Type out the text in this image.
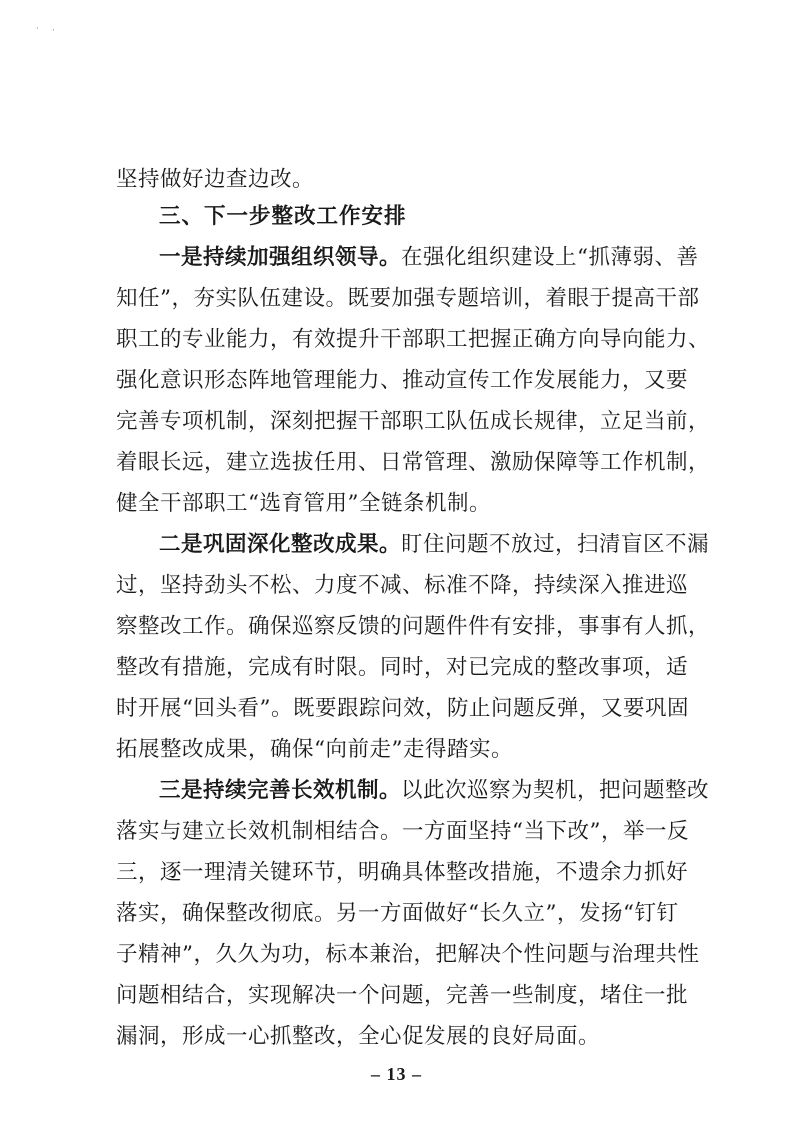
· ·
坚持做好边查边改。
三、下一步整改工作安排
一是持续加强组织领导。在强化组织建设上“抓薄弱、善
知任”，夯实队伍建设。既要加强专题培训，着眼于提高干部
职工的专业能力，有效提升干部职工把握正确方向导向能力、
强化意识形态阵地管理能力、推动宣传工作发展能力，又要
完善专项机制，深刻把握干部职工队伍成长规律，立足当前，
着眼长远，建立选拔任用、日常管理、激励保障等工作机制，
健全干部职工“选育管用”全链条机制。
二是巩固深化整改成果。盯住问题不放过，扫清盲区不漏
过，坚持劲头不松、力度不减、标准不降，持续深入推进巡
察整改工作。确保巡察反馈的问题件件有安排，事事有人抓，
整改有措施，完成有时限。同时，对已完成的整改事项，适
时开展“回头看”。既要跟踪问效，防止问题反弹，又要巩固
拓展整改成果，确保“向前走”走得踏实。
三是持续完善长效机制。以此次巡察为契机，把问题整改
落实与建立长效机制相结合。一方面坚持“当下改”，举一反
三，逐一理清关键环节，明确具体整改措施，不遗余力抓好
落实，确保整改彻底。另一方面做好“长久立”，发扬“钉钉
子精神”，久久为功，标本兼治，把解决个性问题与治理共性
问题相结合，实现解决一个问题，完善一些制度，堵住一批
漏洞，形成一心抓整改，全心促发展的良好局面。
– 13 –
